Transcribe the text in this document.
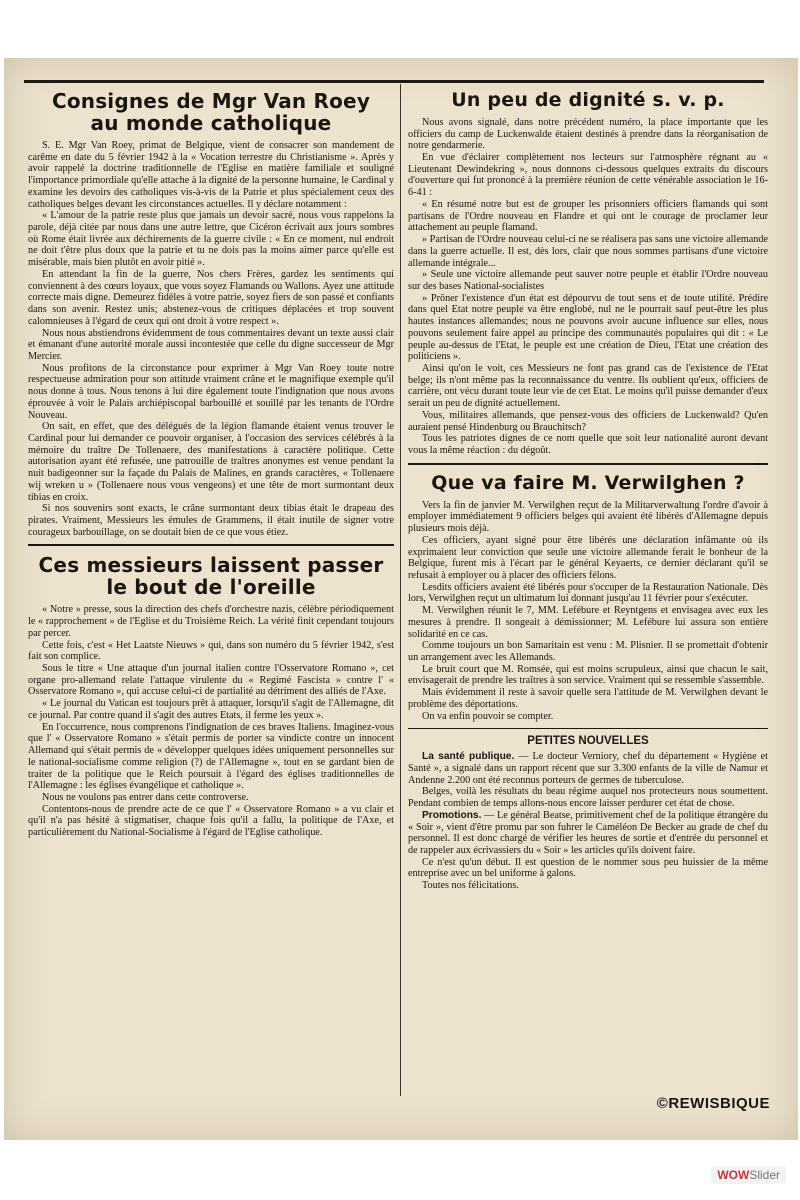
Consignes de Mgr Van Roey
au monde catholique

S. E. Mgr Van Roey, primat de Belgique, vient de consacrer son mandement de carême en date du 5 février 1942 à la « Vocation terrestre du Christianisme ». Après y avoir rappelé la doctrine traditionnelle de l'Eglise en matière familiale et souligné l'importance primordiale qu'elle attache à la dignité de la personne humaine, le Cardinal y examine les devoirs des catholiques vis-à-vis de la Patrie et plus spécialement ceux des catholiques belges devant les circonstances actuelles. Il y déclare notamment :

« L'amour de la patrie reste plus que jamais un devoir sacré, nous vous rappelons la parole, déjà citée par nous dans une autre lettre, que Cicéron écrivait aux jours sombres où Rome était livrée aux déchirements de la guerre civile : « En ce moment, nul endroit ne doit t'être plus doux que la patrie et tu ne dois pas la moins aimer parce qu'elle est misérable, mais bien plutôt en avoir pitié ».

En attendant la fin de la guerre, Nos chers Frères, gardez les sentiments qui conviennent à des cœurs loyaux, que vous soyez Flamands ou Wallons. Ayez une attitude correcte mais digne. Demeurez fidèles à votre patrie, soyez fiers de son passé et confiants dans son avenir. Restez unis; abstenez-vous de critiques déplacées et trop souvent calomnieuses à l'égard de ceux qui ont droit à votre respect ».

Nous nous abstiendrons évidemment de tous commentaires devant un texte aussi clair et émanant d'une autorité morale aussi incontestée que celle du digne successeur de Mgr Mercier.

Nous profitons de la circonstance pour exprimer à Mgr Van Roey toute notre respectueuse admiration pour son attitude vraiment crâne et le magnifique exemple qu'il nous donne à tous. Nous tenons à lui dire également toute l'indignation que nous avons éprouvée à voir le Palais archiépiscopal barbouillé et souillé par les tenants de l'Ordre Nouveau.

On sait, en effet, que des délégués de la légion flamande étaient venus trouver le Cardinal pour lui demander ce pouvoir organiser, à l'occasion des services célébrés à la mémoire du traître De Tollenaere, des manifestations à caractère politique. Cette autorisation ayant été refusée, une patrouille de traîtres anonymes est venue pendant la nuit badigeonner sur la façade du Palais de Malines, en grands caractères, « Tollenaere wij wreken u » (Tollenaere nous vous vengeons) et une tête de mort surmontant deux tibias en croix.

Si nos souvenirs sont exacts, le crâne surmontant deux tibias était le drapeau des pirates. Vraiment, Messieurs les émules de Grammens, il était inutile de signer votre courageux barbouillage, on se doutait bien de ce que vous étiez.

Ces messieurs laissent passer
le bout de l'oreille

« Notre » presse, sous la direction des chefs d'orchestre nazis, célèbre périodiquement le « rapprochement » de l'Eglise et du Troisième Reich. La vérité finit cependant toujours par percer.

Cette fois, c'est « Het Laatste Nieuws » qui, dans son numéro du 5 février 1942, s'est fait son complice.

Sous le titre « Une attaque d'un journal italien contre l'Osservatore Romano », cet organe pro-allemand relate l'attaque virulente du « Regimé Fascista » contre l' « Osservatore Romano », qui accuse celui-ci de partialité au détriment des alliés de l'Axe.

« Le journal du Vatican est toujours prêt à attaquer, lorsqu'il s'agit de l'Allemagne, dit ce journal. Par contre quand il s'agit des autres Etats, il ferme les yeux ».

En l'occurrence, nous comprenons l'indignation de ces braves Italiens. Imaginez-vous que l' « Osservatore Romano » s'était permis de porter sa vindicte contre un innocent Allemand qui s'était permis de « développer quelques idées uniquement personnelles sur le national-socialisme comme religion (?) de l'Allemagne », tout en se gardant bien de traiter de la politique que le Reich poursuit à l'égard des églises traditionnelles de l'Allemagne : les églises évangélique et catholique ».

Nous ne voulons pas entrer dans cette controverse.

Contentons-nous de prendre acte de ce que l' « Osservatore Romano » a vu clair et qu'il n'a pas hésité à stigmatiser, chaque fois qu'il a fallu, la politique de l'Axe, et particulièrement du National-Socialisme à l'égard de l'Eglise catholique.

Un peu de dignité s. v. p.

Nous avons signalé, dans notre précédent numéro, la place importante que les officiers du camp de Luckenwalde étaient destinés à prendre dans la réorganisation de notre gendarmerie.

En vue d'éclairer complètement nos lecteurs sur l'atmosphère régnant au « Lieutenant Dewindekring », nous donnons ci-dessous quelques extraits du discours d'ouverture qui fut prononcé à la première réunion de cette vénérable association le 16-6-41 :

« En résumé notre but est de grouper les prisonniers officiers flamands qui sont partisans de l'Ordre nouveau en Flandre et qui ont le courage de proclamer leur attachement au peuple flamand.

» Partisan de l'Ordre nouveau celui-ci ne se réalisera pas sans une victoire allemande dans la guerre actuelle. Il est, dès lors, clair que nous sommes partisans d'une victoire allemande intégrale...

» Seule une victoire allemande peut sauver notre peuple et établir l'Ordre nouveau sur des bases National-socialistes

» Prôner l'existence d'un état est dépourvu de tout sens et de toute utilité. Prédire dans quel Etat notre peuple va être englobé, nul ne le pourrait sauf peut-être les plus hautes instances allemandes; nous ne pouvons avoir aucune influence sur elles, nous pouvons seulement faire appel au principe des communautés populaires qui dit : « Le peuple au-dessus de l'Etat, le peuple est une création de Dieu, l'Etat une création des politiciens ».

Ainsi qu'on le voit, ces Messieurs ne font pas grand cas de l'existence de l'Etat belge; ils n'ont même pas la reconnaissance du ventre. Ils oublient qu'eux, officiers de carrière, ont vécu durant toute leur vie de cet Etat. Le moins qu'il puisse demander d'eux serait un peu de dignité actuellement.

Vous, militaires allemands, que pensez-vous des officiers de Luckenwald? Qu'en auraient pensé Hindenburg ou Brauchitsch?

Tous les patriotes dignes de ce nom quelle que soit leur nationalité auront devant vous la même réaction : du dégoût.

Que va faire M. Verwilghen ?

Vers la fin de janvier M. Verwilghen reçut de la Militarverwaltung l'ordre d'avoir à employer immédiatement 9 officiers belges qui avaient été libérés d'Allemagne depuis plusieurs mois déjà.

Ces officiers, ayant signé pour être libérés une déclaration infâmante où ils exprimaient leur conviction que seule une victoire allemande ferait le bonheur de la Belgique, furent mis à l'écart par le général Keyaerts, ce dernier déclarant qu'il se refusait à employer ou à placer des officiers félons.

Lesdits officiers avaient été libérés pour s'occuper de la Restauration Nationale. Dès lors, Verwilghen reçut un ultimatum lui donnant jusqu'au 11 février pour s'exécuter.

M. Verwilghen réunit le 7, MM. Lefébure et Reyntgens et envisagea avec eux les mesures à prendre. Il songeait à démissionner; M. Lefébure lui assura son entière solidarité en ce cas.

Comme toujours un bon Samaritain est venu : M. Plisnier. Il se promettait d'obtenir un arrangement avec les Allemands.

Le bruit court que M. Romsée, qui est moins scrupuleux, ainsi que chacun le sait, envisagerait de prendre les traîtres à son service. Vraiment qui se ressemble s'assemble.

Mais évidemment il reste à savoir quelle sera l'attitude de M. Verwilghen devant le problème des déportations.

On va enfin pouvoir se compter.

PETITES NOUVELLES

La santé publique. — Le docteur Verniory, chef du département « Hygiène et Santé », a signalé dans un rapport récent que sur 3.300 enfants de la ville de Namur et Andenne 2.200 ont été reconnus porteurs de germes de tuberculose.

Belges, voilà les résultats du beau régime auquel nos protecteurs nous soumettent. Pendant combien de temps allons-nous encore laisser perdurer cet état de chose.

Promotions. — Le général Beatse, primitivement chef de la politique étrangère du « Soir », vient d'être promu par son fuhrer le Caméléon De Becker au grade de chef du personnel. Il est donc chargé de vérifier les heures de sortie et d'entrée du personnel et de rappeler aux écrivassiers du « Soir » les articles qu'ils doivent faire.

Ce n'est qu'un début. Il est question de le nommer sous peu huissier de la même entreprise avec un bel uniforme à galons.

Toutes nos félicitations.

©REWISBIQUE
WOWSlider
